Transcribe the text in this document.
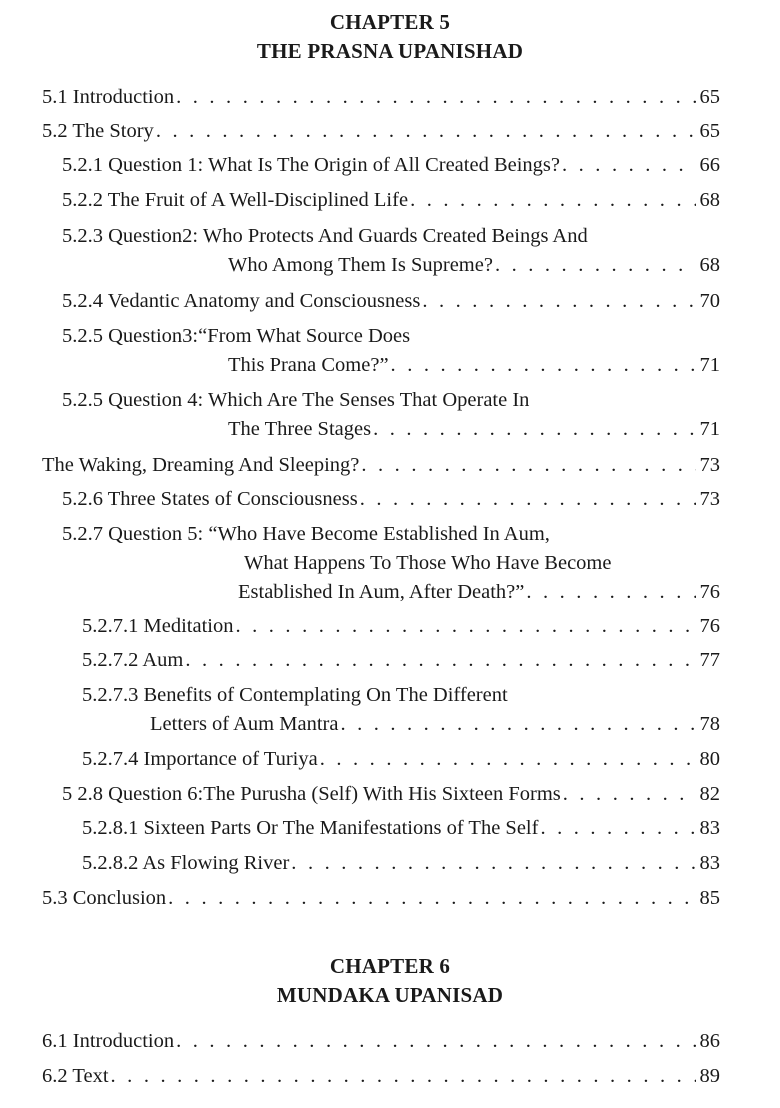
CHAPTER 5
THE PRASNA UPANISHAD
5.1 Introduction . . .	65
5.2 The Story . . .	65
5.2.1 Question 1: What Is The Origin of All Created Beings? . . .	66
5.2.2 The Fruit of A Well-Disciplined Life . . .	68
5.2.3 Question2: Who Protects And Guards Created Beings And
Who Among Them Is Supreme? . . .	68
5.2.4 Vedantic Anatomy and Consciousness . . .	70
5.2.5 Question3:“From What Source Does
This Prana Come?” . . .	71
5.2.5 Question 4: Which Are The Senses That Operate In
The Three Stages . . .	71
The Waking, Dreaming And Sleeping? . . .	73
5.2.6 Three States of Consciousness . . .	73
5.2.7 Question 5: “Who Have Become Established In Aum,
What Happens To Those Who Have Become
Established In Aum, After Death?” . . .	76
5.2.7.1 Meditation . . .	76
5.2.7.2 Aum . . .	77
5.2.7.3 Benefits of Contemplating On The Different
Letters of Aum Mantra . . .	78
5.2.7.4 Importance of Turiya . . .	80
5 2.8 Question 6:The Purusha (Self) With His Sixteen Forms . . .	82
5.2.8.1 Sixteen Parts Or The Manifestations of The Self . . .	83
5.2.8.2 As Flowing River . . .	83
5.3 Conclusion . . .	85
CHAPTER 6
MUNDAKA UPANISAD
6.1 Introduction . . .	86
6.2 Text . . .	89
